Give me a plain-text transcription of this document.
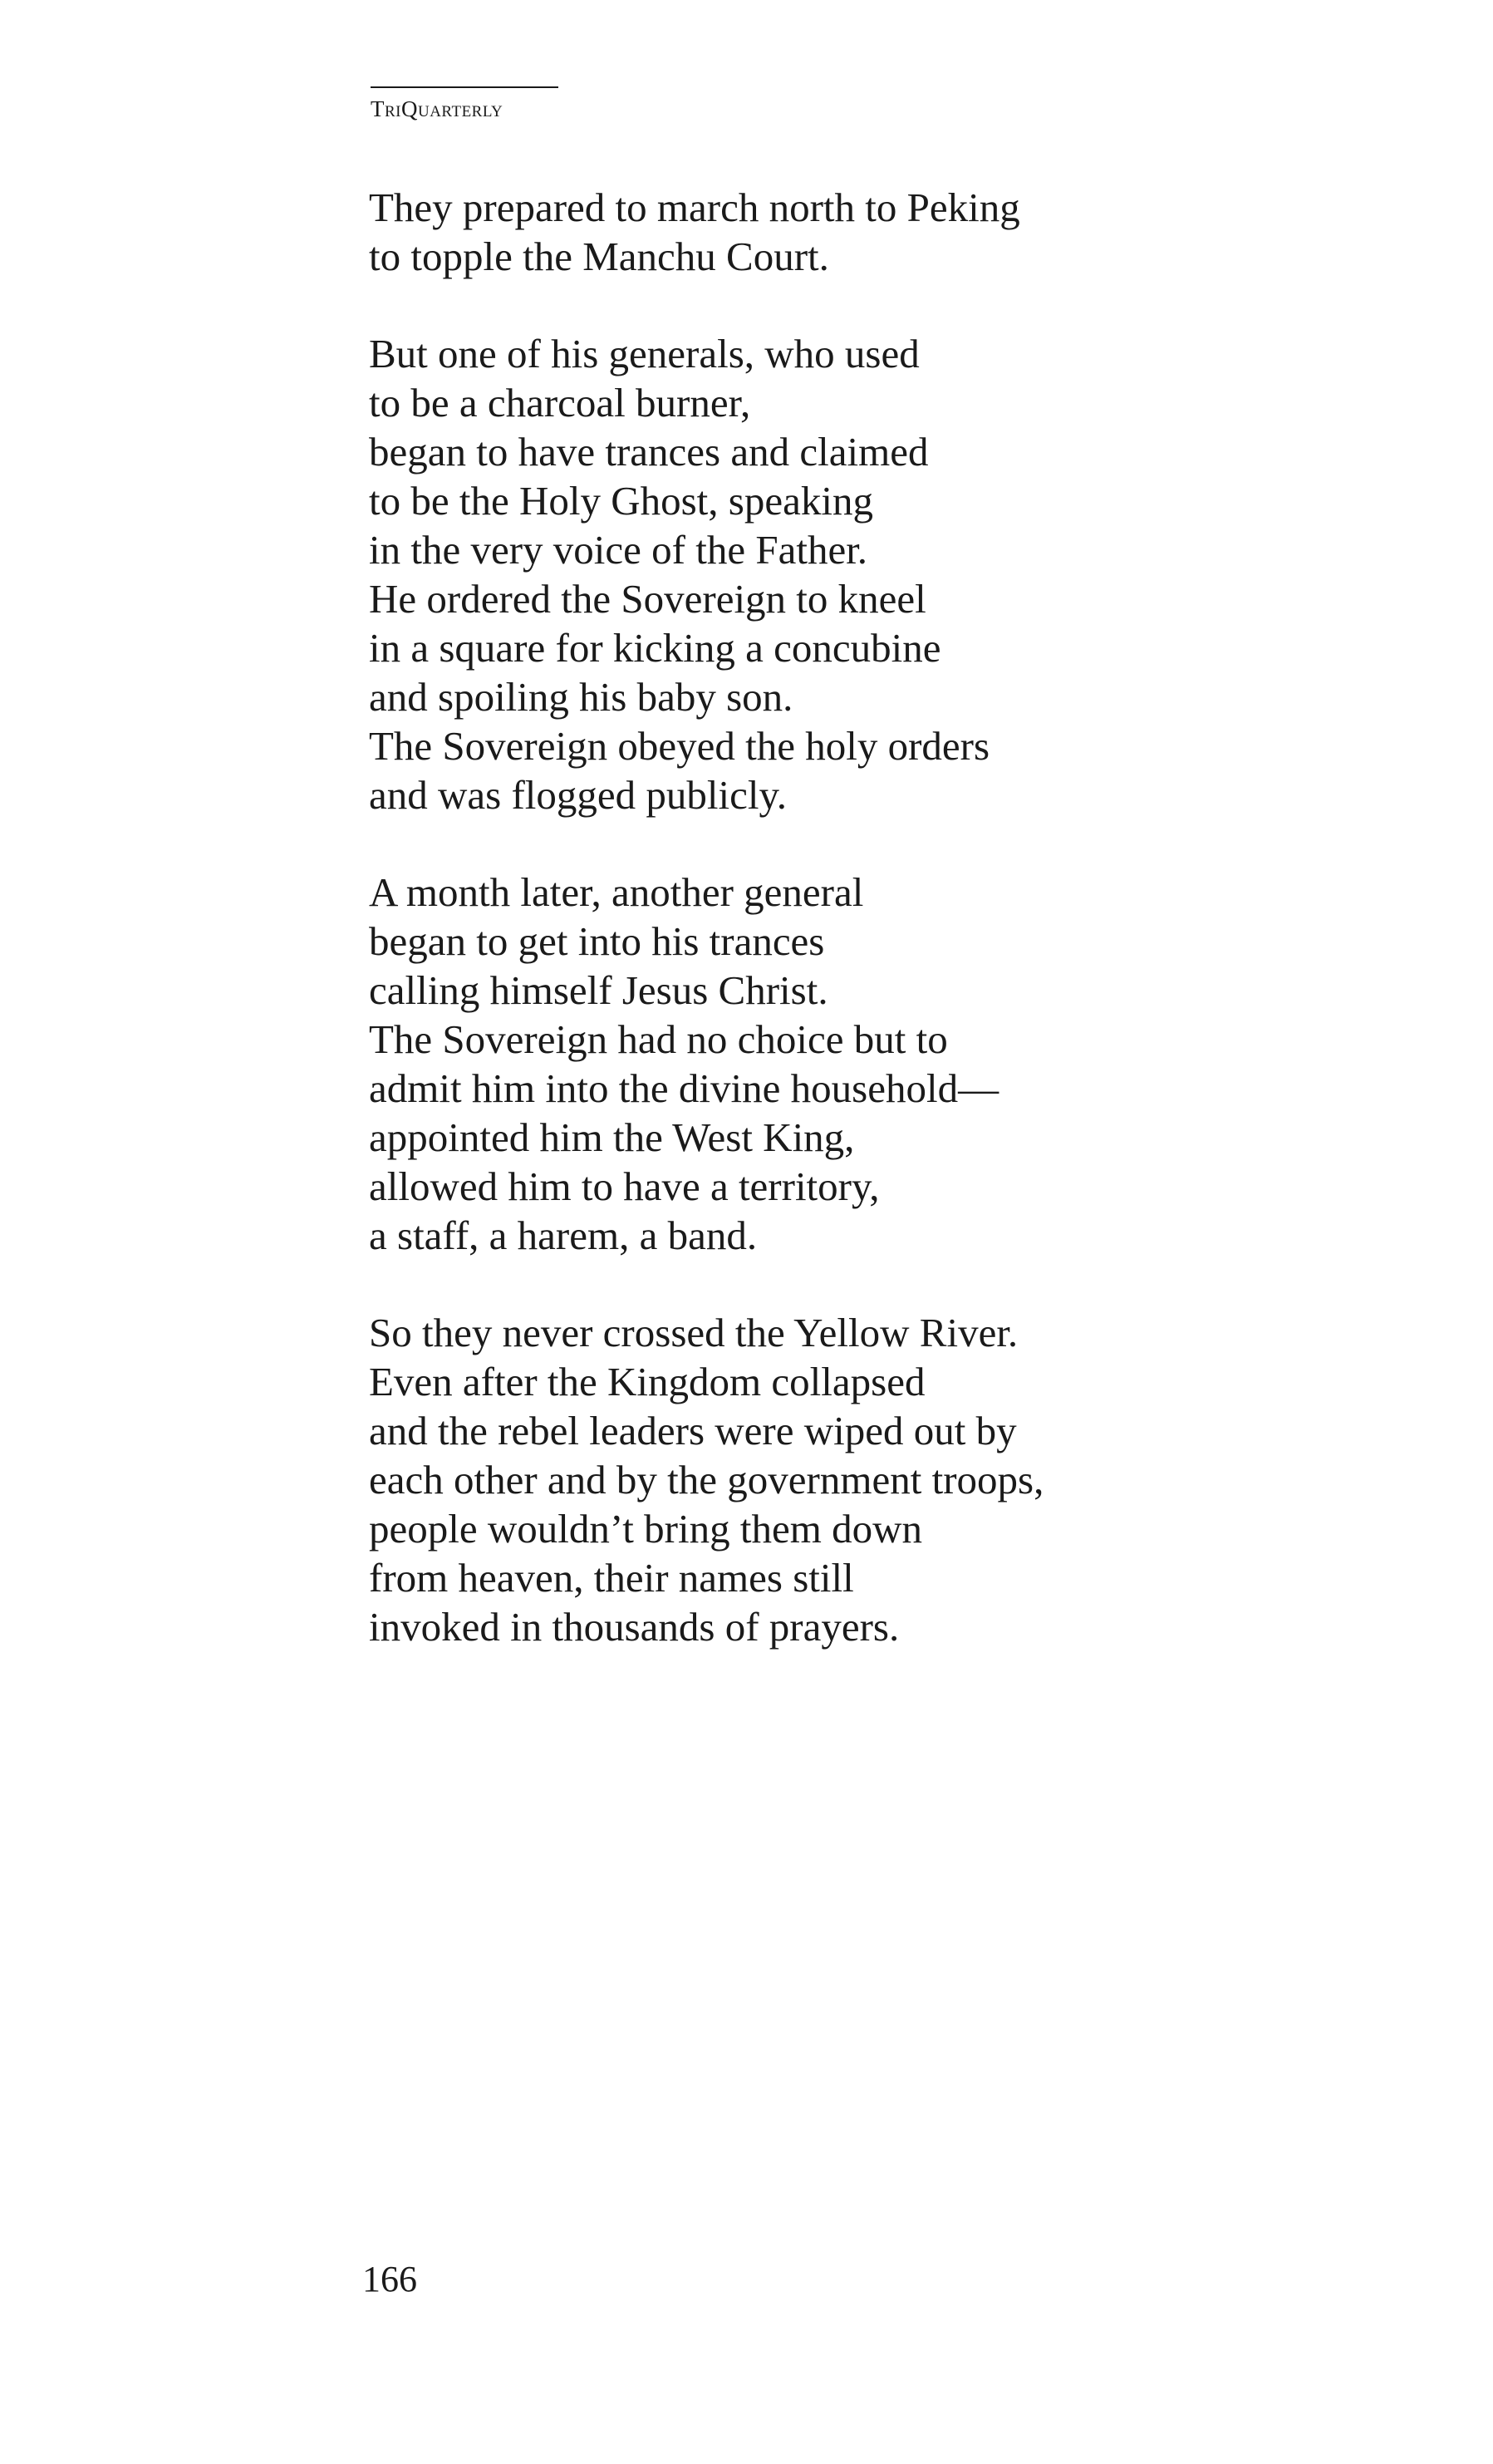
TriQuarterly
They prepared to march north to Peking
to topple the Manchu Court.
But one of his generals, who used
to be a charcoal burner,
began to have trances and claimed
to be the Holy Ghost, speaking
in the very voice of the Father.
He ordered the Sovereign to kneel
in a square for kicking a concubine
and spoiling his baby son.
The Sovereign obeyed the holy orders
and was flogged publicly.
A month later, another general
began to get into his trances
calling himself Jesus Christ.
The Sovereign had no choice but to
admit him into the divine household—
appointed him the West King,
allowed him to have a territory,
a staff, a harem, a band.
So they never crossed the Yellow River.
Even after the Kingdom collapsed
and the rebel leaders were wiped out by
each other and by the government troops,
people wouldn’t bring them down
from heaven, their names still
invoked in thousands of prayers.
166
